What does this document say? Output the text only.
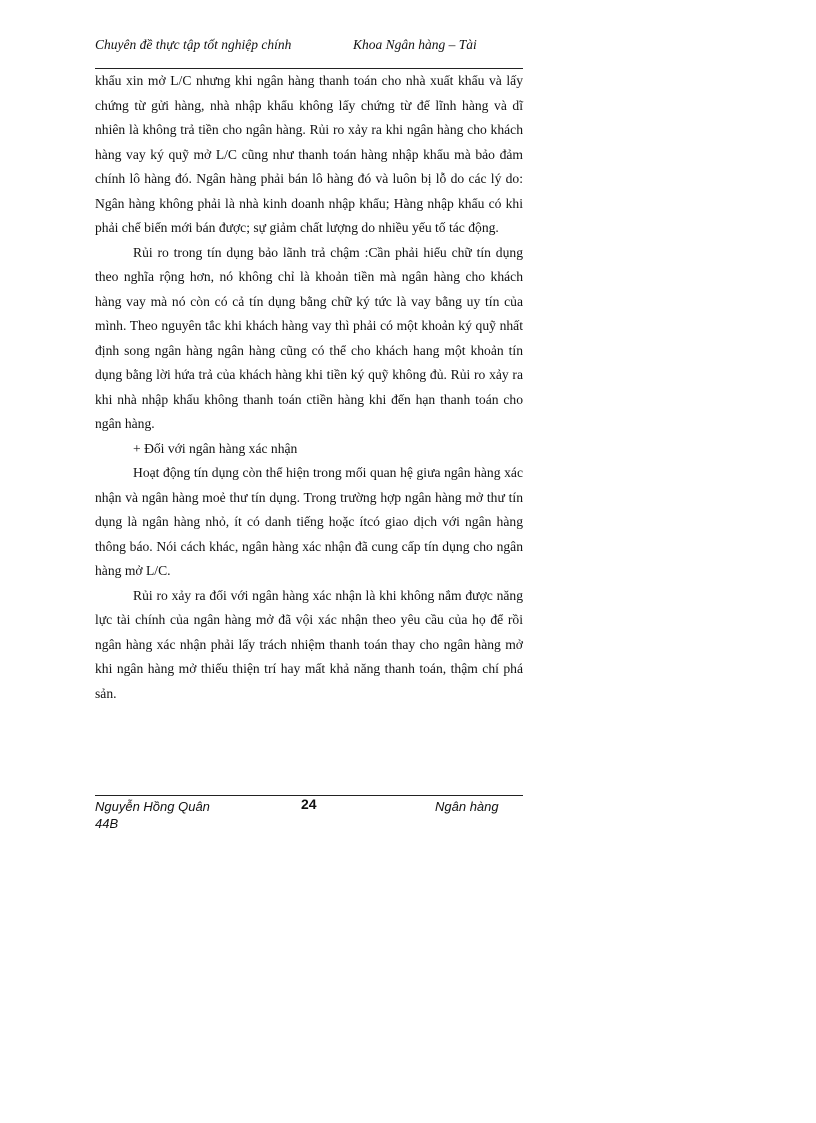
Chuyên đề thực tập tốt nghiệp chính	Khoa Ngân hàng – Tài

khẩu xin mở L/C nhưng khi ngân hàng thanh toán cho nhà xuất khẩu và lấy chứng từ gửi hàng, nhà nhập khẩu không lấy chứng từ để lĩnh hàng và dĩ nhiên là không trả tiền cho ngân hàng. Rủi ro xảy ra khi ngân hàng cho khách hàng vay ký quỹ mở L/C cũng như thanh toán hàng nhập khẩu mà bảo đảm chính lô hàng đó. Ngân hàng phải bán lô hàng đó và luôn bị lỗ do các lý do: Ngân hàng không phải là nhà kinh doanh nhập khẩu; Hàng nhập khẩu có khi phải chế biến mới bán được; sự giảm chất lượng do nhiều yếu tố tác động.

Rủi ro trong tín dụng bảo lãnh trả chậm :Cần phải hiểu chữ tín dụng theo nghĩa rộng hơn, nó không chỉ là khoản tiền mà ngân hàng cho khách hàng vay mà nó còn có cả tín dụng bằng chữ ký tức là vay bằng uy tín của mình. Theo nguyên tắc khi khách hàng vay thì phải có một khoản ký quỹ nhất định song ngân hàng ngân hàng cũng có thể cho khách hang một khoản tín dụng bằng lời hứa trả của khách hàng khi tiền ký quỹ không đủ. Rủi ro xảy ra khi nhà nhập khẩu không thanh toán ctiền hàng khi đến hạn thanh toán cho ngân hàng.

+ Đối với ngân hàng xác nhận

Hoạt động tín dụng còn thể hiện trong mối quan hệ giưa ngân hàng xác nhận và ngân hàng moẻ thư tín dụng. Trong trường hợp ngân hàng mở thư tín dụng là ngân hàng nhỏ, ít có danh tiếng hoặc ítcó giao dịch với ngân hàng thông báo. Nói cách khác, ngân hàng xác nhận đã cung cấp tín dụng cho ngân hàng mở L/C.

Rủi ro xảy ra đối với ngân hàng xác nhận là khi không nắm được năng lực tài chính của ngân hàng mở đã vội xác nhận theo yêu cầu của họ để rồi ngân hàng xác nhận phải lấy trách nhiệm thanh toán thay cho ngân hàng mở khi ngân hàng mở thiếu thiện trí hay mất khả năng thanh toán, thậm chí phá sản.

Nguyễn Hồng Quân 44B
24	Ngân hàng
